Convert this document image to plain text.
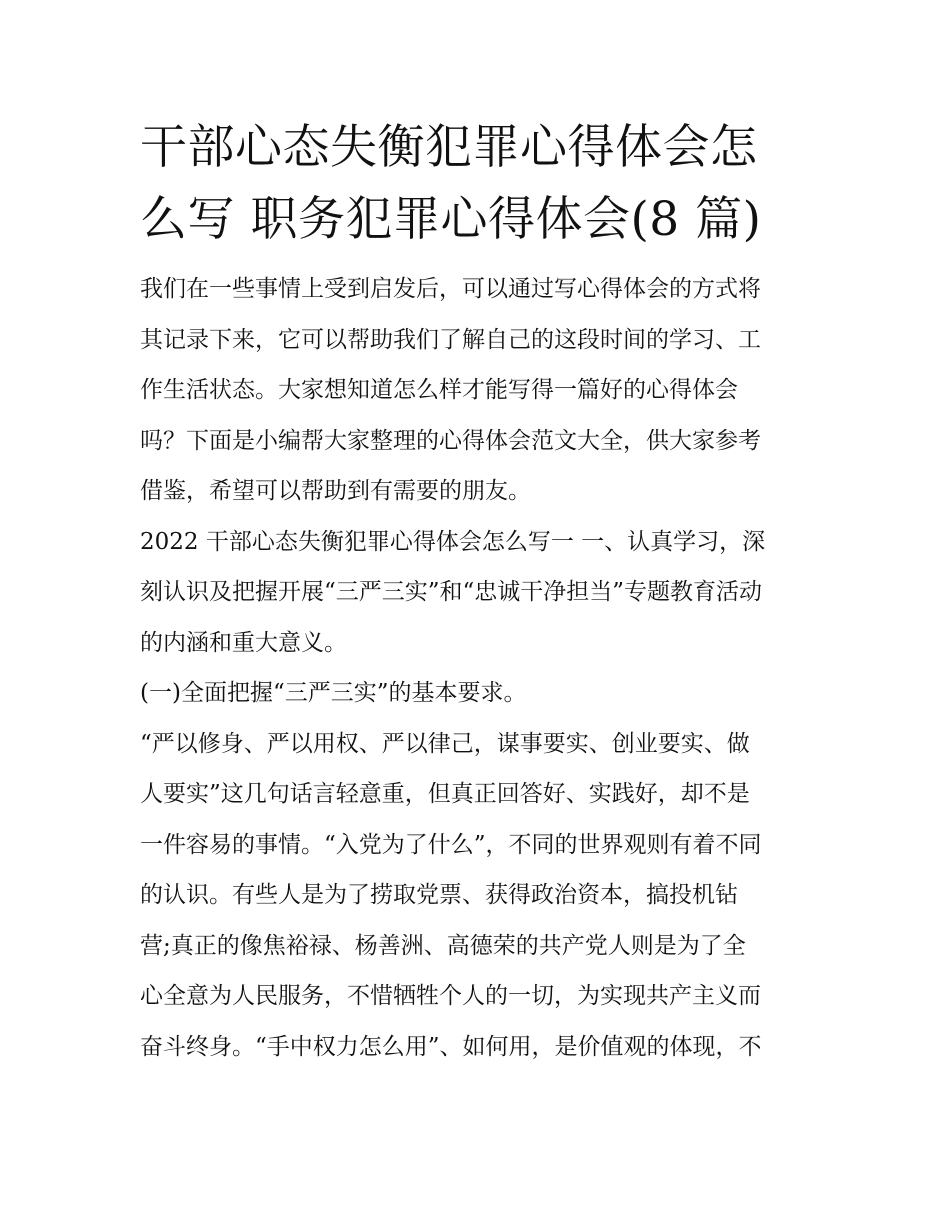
干部心态失衡犯罪心得体会怎
么写 职务犯罪心得体会(8 篇)

我们在一些事情上受到启发后，可以通过写心得体会的方式将
其记录下来，它可以帮助我们了解自己的这段时间的学习、工
作生活状态。大家想知道怎么样才能写得一篇好的心得体会
吗？下面是小编帮大家整理的心得体会范文大全，供大家参考
借鉴，希望可以帮助到有需要的朋友。
2022 干部心态失衡犯罪心得体会怎么写一 一、认真学习，深
刻认识及把握开展“三严三实”和“忠诚干净担当”专题教育活动
的内涵和重大意义。
(一)全面把握“三严三实”的基本要求。
“严以修身、严以用权、严以律己，谋事要实、创业要实、做
人要实”这几句话言轻意重，但真正回答好、实践好，却不是
一件容易的事情。“入党为了什么”，不同的世界观则有着不同
的认识。有些人是为了捞取党票、获得政治资本，搞投机钻
营;真正的像焦裕禄、杨善洲、高德荣的共产党人则是为了全
心全意为人民服务，不惜牺牲个人的一切，为实现共产主义而
奋斗终身。“手中权力怎么用”、如何用，是价值观的体现，不
